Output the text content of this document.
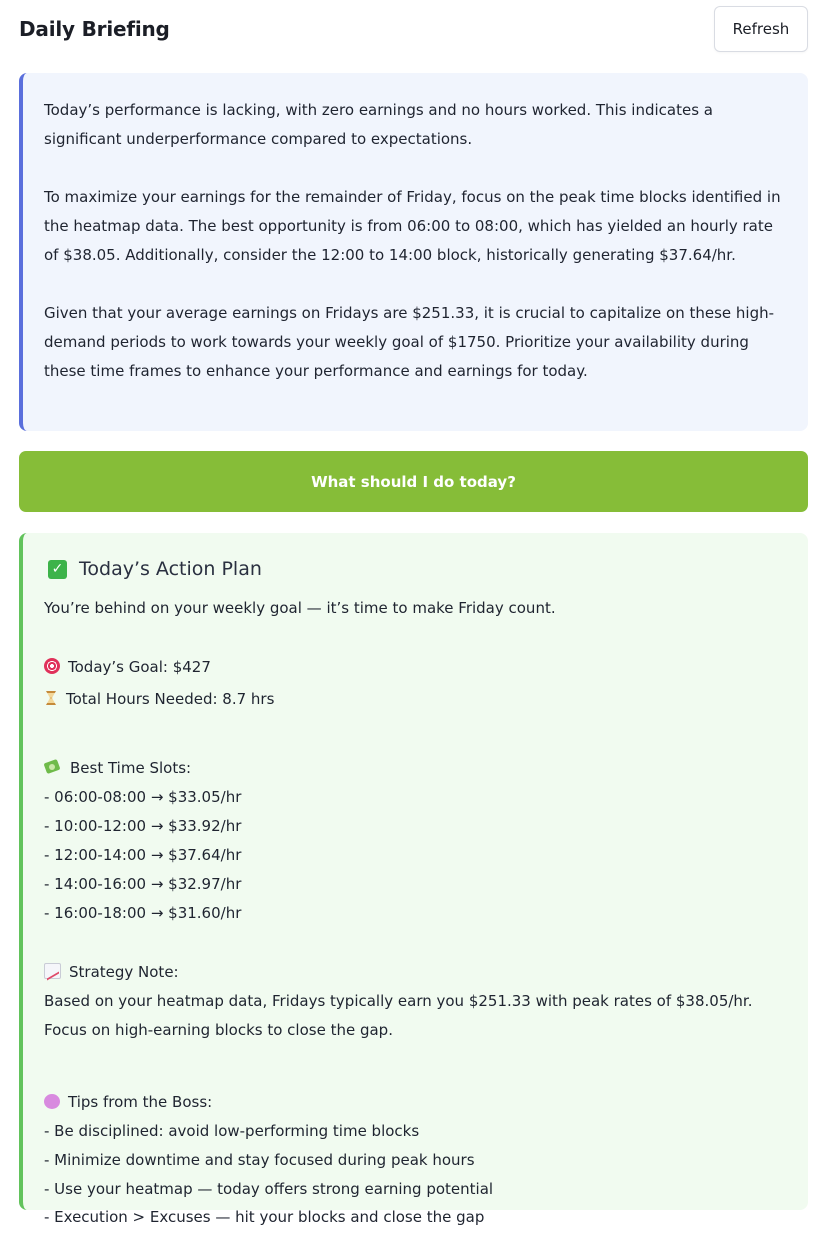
Daily Briefing	Refresh

Today’s performance is lacking, with zero earnings and no hours worked. This indicates a significant underperformance compared to expectations.

To maximize your earnings for the remainder of Friday, focus on the peak time blocks identified in the heatmap data. The best opportunity is from 06:00 to 08:00, which has yielded an hourly rate of $38.05. Additionally, consider the 12:00 to 14:00 block, historically generating $37.64/hr.

Given that your average earnings on Fridays are $251.33, it is crucial to capitalize on these high-demand periods to work towards your weekly goal of $1750. Prioritize your availability during these time frames to enhance your performance and earnings for today.

What should I do today?
✓ Today’s Action Plan
You’re behind on your weekly goal — it’s time to make Friday count.
Today’s Goal: $427
Total Hours Needed: 8.7 hrs
Best Time Slots:
- 06:00-08:00 → $33.05/hr
- 10:00-12:00 → $33.92/hr
- 12:00-14:00 → $37.64/hr
- 14:00-16:00 → $32.97/hr
- 16:00-18:00 → $31.60/hr
Strategy Note:
Based on your heatmap data, Fridays typically earn you $251.33 with peak rates of $38.05/hr.
Focus on high-earning blocks to close the gap.
Tips from the Boss:
- Be disciplined: avoid low-performing time blocks
- Minimize downtime and stay focused during peak hours
- Use your heatmap — today offers strong earning potential
- Execution > Excuses — hit your blocks and close the gap
